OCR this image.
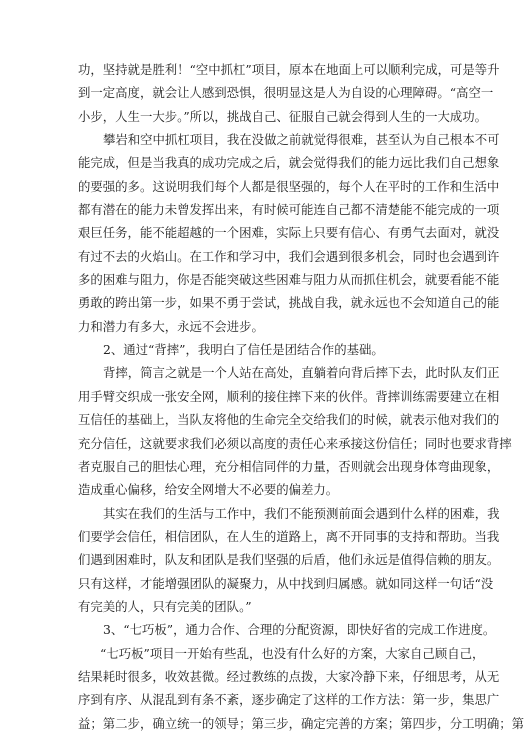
功，坚持就是胜利！“空中抓杠”项目，原本在地面上可以顺利完成，可是等升
到一定高度，就会让人感到恐惧，很明显这是人为自设的心理障碍。“高空一
小步，人生一大步。”所以，挑战自己、征服自己就会得到人生的一大成功。
攀岩和空中抓杠项目，我在没做之前就觉得很难，甚至认为自己根本不可
能完成，但是当我真的成功完成之后，就会觉得我们的能力远比我们自己想象
的要强的多。这说明我们每个人都是很坚强的，每个人在平时的工作和生活中
都有潜在的能力未曾发挥出来，有时候可能连自己都不清楚能不能完成的一项
艰巨任务，能不能超越的一个困难，实际上只要有信心、有勇气去面对，就没
有过不去的火焰山。在工作和学习中，我们会遇到很多机会，同时也会遇到许
多的困难与阻力，你是否能突破这些困难与阻力从而抓住机会，就要看能不能
勇敢的跨出第一步，如果不勇于尝试，挑战自我，就永远也不会知道自己的能
力和潜力有多大，永远不会进步。
2、通过“背摔”，我明白了信任是团结合作的基础。
背摔，简言之就是一个人站在高处，直躺着向背后摔下去，此时队友们正
用手臂交织成一张安全网，顺利的接住摔下来的伙伴。背摔训练需要建立在相
互信任的基础上，当队友将他的生命完全交给我们的时候，就表示他对我们的
充分信任，这就要求我们必须以高度的责任心来承接这份信任；同时也要求背摔
者克服自己的胆怯心理，充分相信同伴的力量，否则就会出现身体弯曲现象，
造成重心偏移，给安全网增大不必要的偏差力。
其实在我们的生活与工作中，我们不能预测前面会遇到什么样的困难，我
们要学会信任，相信团队，在人生的道路上，离不开同事的支持和帮助。当我
们遇到困难时，队友和团队是我们坚强的后盾，他们永远是值得信赖的朋友。
只有这样，才能增强团队的凝聚力，从中找到归属感。就如同这样一句话“没
有完美的人，只有完美的团队。”
3、“七巧板”，通力合作、合理的分配资源，即快好省的完成工作进度。
“七巧板”项目一开始有些乱，也没有什么好的方案，大家自己顾自己，
结果耗时很多，收效甚微。经过教练的点拨，大家冷静下来，仔细思考，从无
序到有序、从混乱到有条不紊，逐步确定了这样的工作方法：第一步，集思广
益；第二步，确立统一的领导；第三步，确定完善的方案；第四步，分工明确；第
